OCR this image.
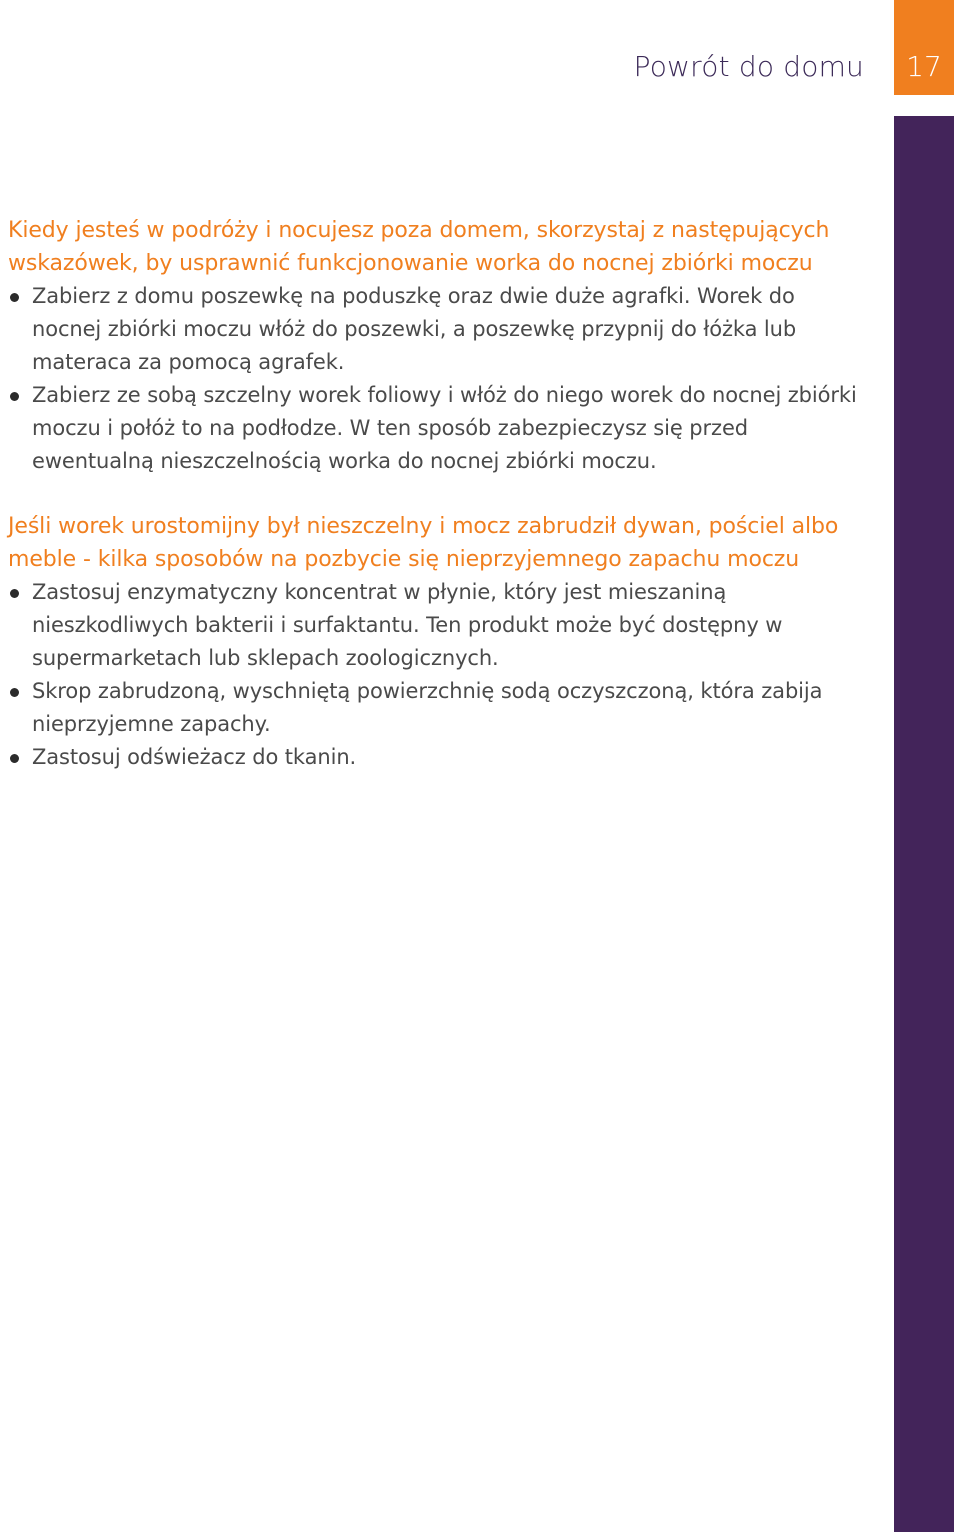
Powrót do domu	17
Kiedy jesteś w podróży i nocujesz poza domem, skorzystaj z następujących wskazówek, by usprawnić funkcjonowanie worka do nocnej zbiórki moczu
Zabierz z domu poszewkę na poduszkę oraz dwie duże agrafki. Worek do nocnej zbiórki moczu włóż do poszewki, a poszewkę przypnij do łóżka lub materaca za pomocą agrafek.
Zabierz ze sobą szczelny worek foliowy i włóż do niego worek do nocnej zbiórki moczu i połóż to na podłodze. W ten sposób zabezpieczysz się przed ewentualną nieszczelnością worka do nocnej zbiórki moczu.
Jeśli worek urostomijny był nieszczelny i mocz zabrudził dywan, pościel albo meble - kilka sposobów na pozbycie się nieprzyjemnego zapachu moczu
Zastosuj enzymatyczny koncentrat w płynie, który jest mieszaniną nieszkodliwych bakterii i surfaktantu. Ten produkt może być dostępny w supermarketach lub sklepach zoologicznych.
Skrop zabrudzoną, wyschniętą powierzchnię sodą oczyszczoną, która zabija nieprzyjemne zapachy.
Zastosuj odświeżacz do tkanin.
